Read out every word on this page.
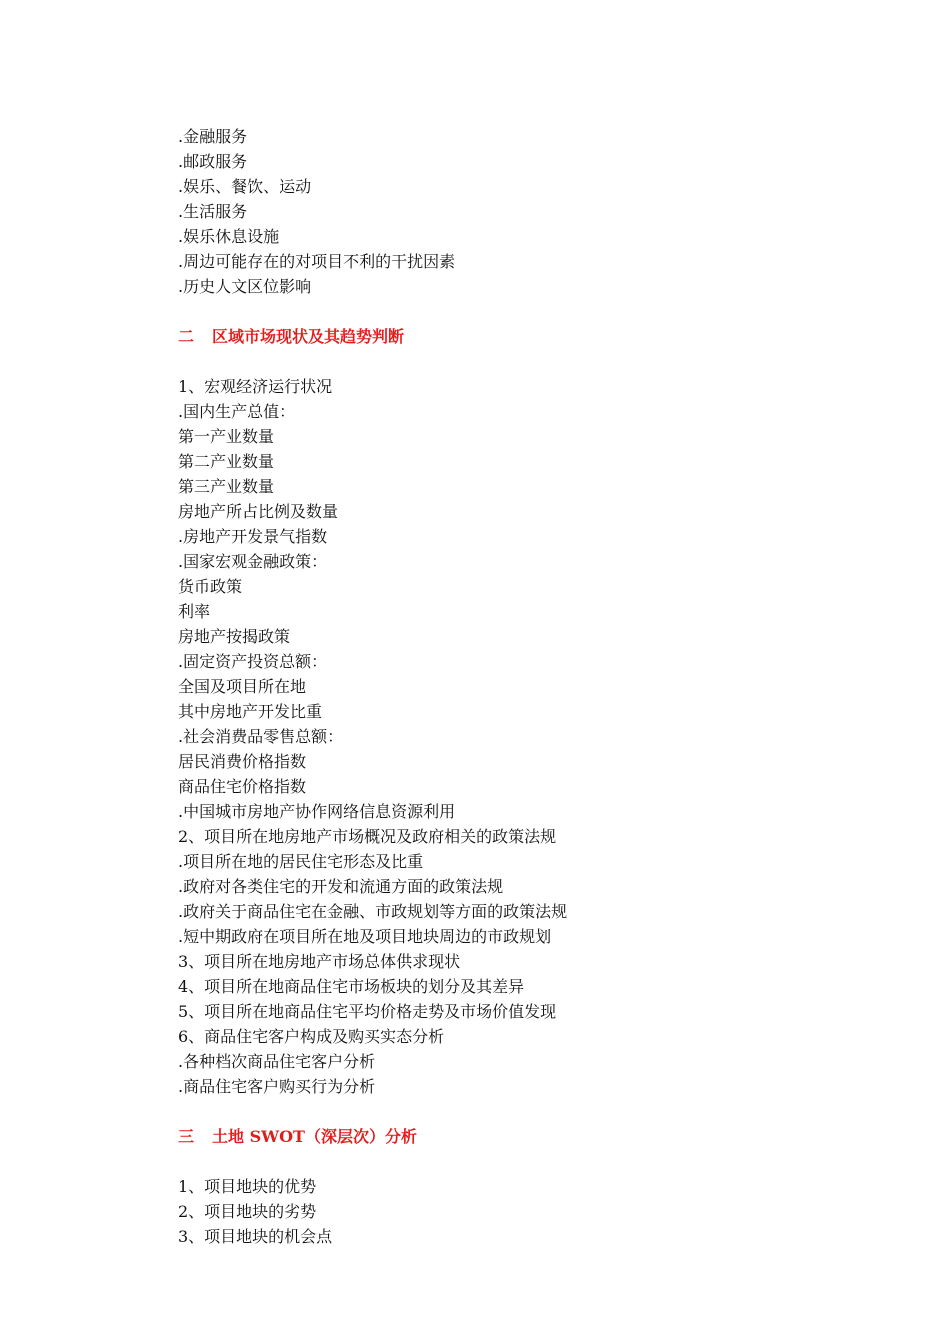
.金融服务
.邮政服务
.娱乐、餐饮、运动
.生活服务
.娱乐休息设施
.周边可能存在的对项目不利的干扰因素
.历史人文区位影响
二 区域市场现状及其趋势判断
1、宏观经济运行状况
.国内生产总值：
第一产业数量
第二产业数量
第三产业数量
房地产所占比例及数量
.房地产开发景气指数
.国家宏观金融政策：
货币政策
利率
房地产按揭政策
.固定资产投资总额：
全国及项目所在地
其中房地产开发比重
.社会消费品零售总额：
居民消费价格指数
商品住宅价格指数
.中国城市房地产协作网络信息资源利用
2、项目所在地房地产市场概况及政府相关的政策法规
.项目所在地的居民住宅形态及比重
.政府对各类住宅的开发和流通方面的政策法规
.政府关于商品住宅在金融、市政规划等方面的政策法规
.短中期政府在项目所在地及项目地块周边的市政规划
3、项目所在地房地产市场总体供求现状
4、项目所在地商品住宅市场板块的划分及其差异
5、项目所在地商品住宅平均价格走势及市场价值发现
6、商品住宅客户构成及购买实态分析
.各种档次商品住宅客户分析
.商品住宅客户购买行为分析
三 土地 SWOT（深层次）分析
1、项目地块的优势
2、项目地块的劣势
3、项目地块的机会点
